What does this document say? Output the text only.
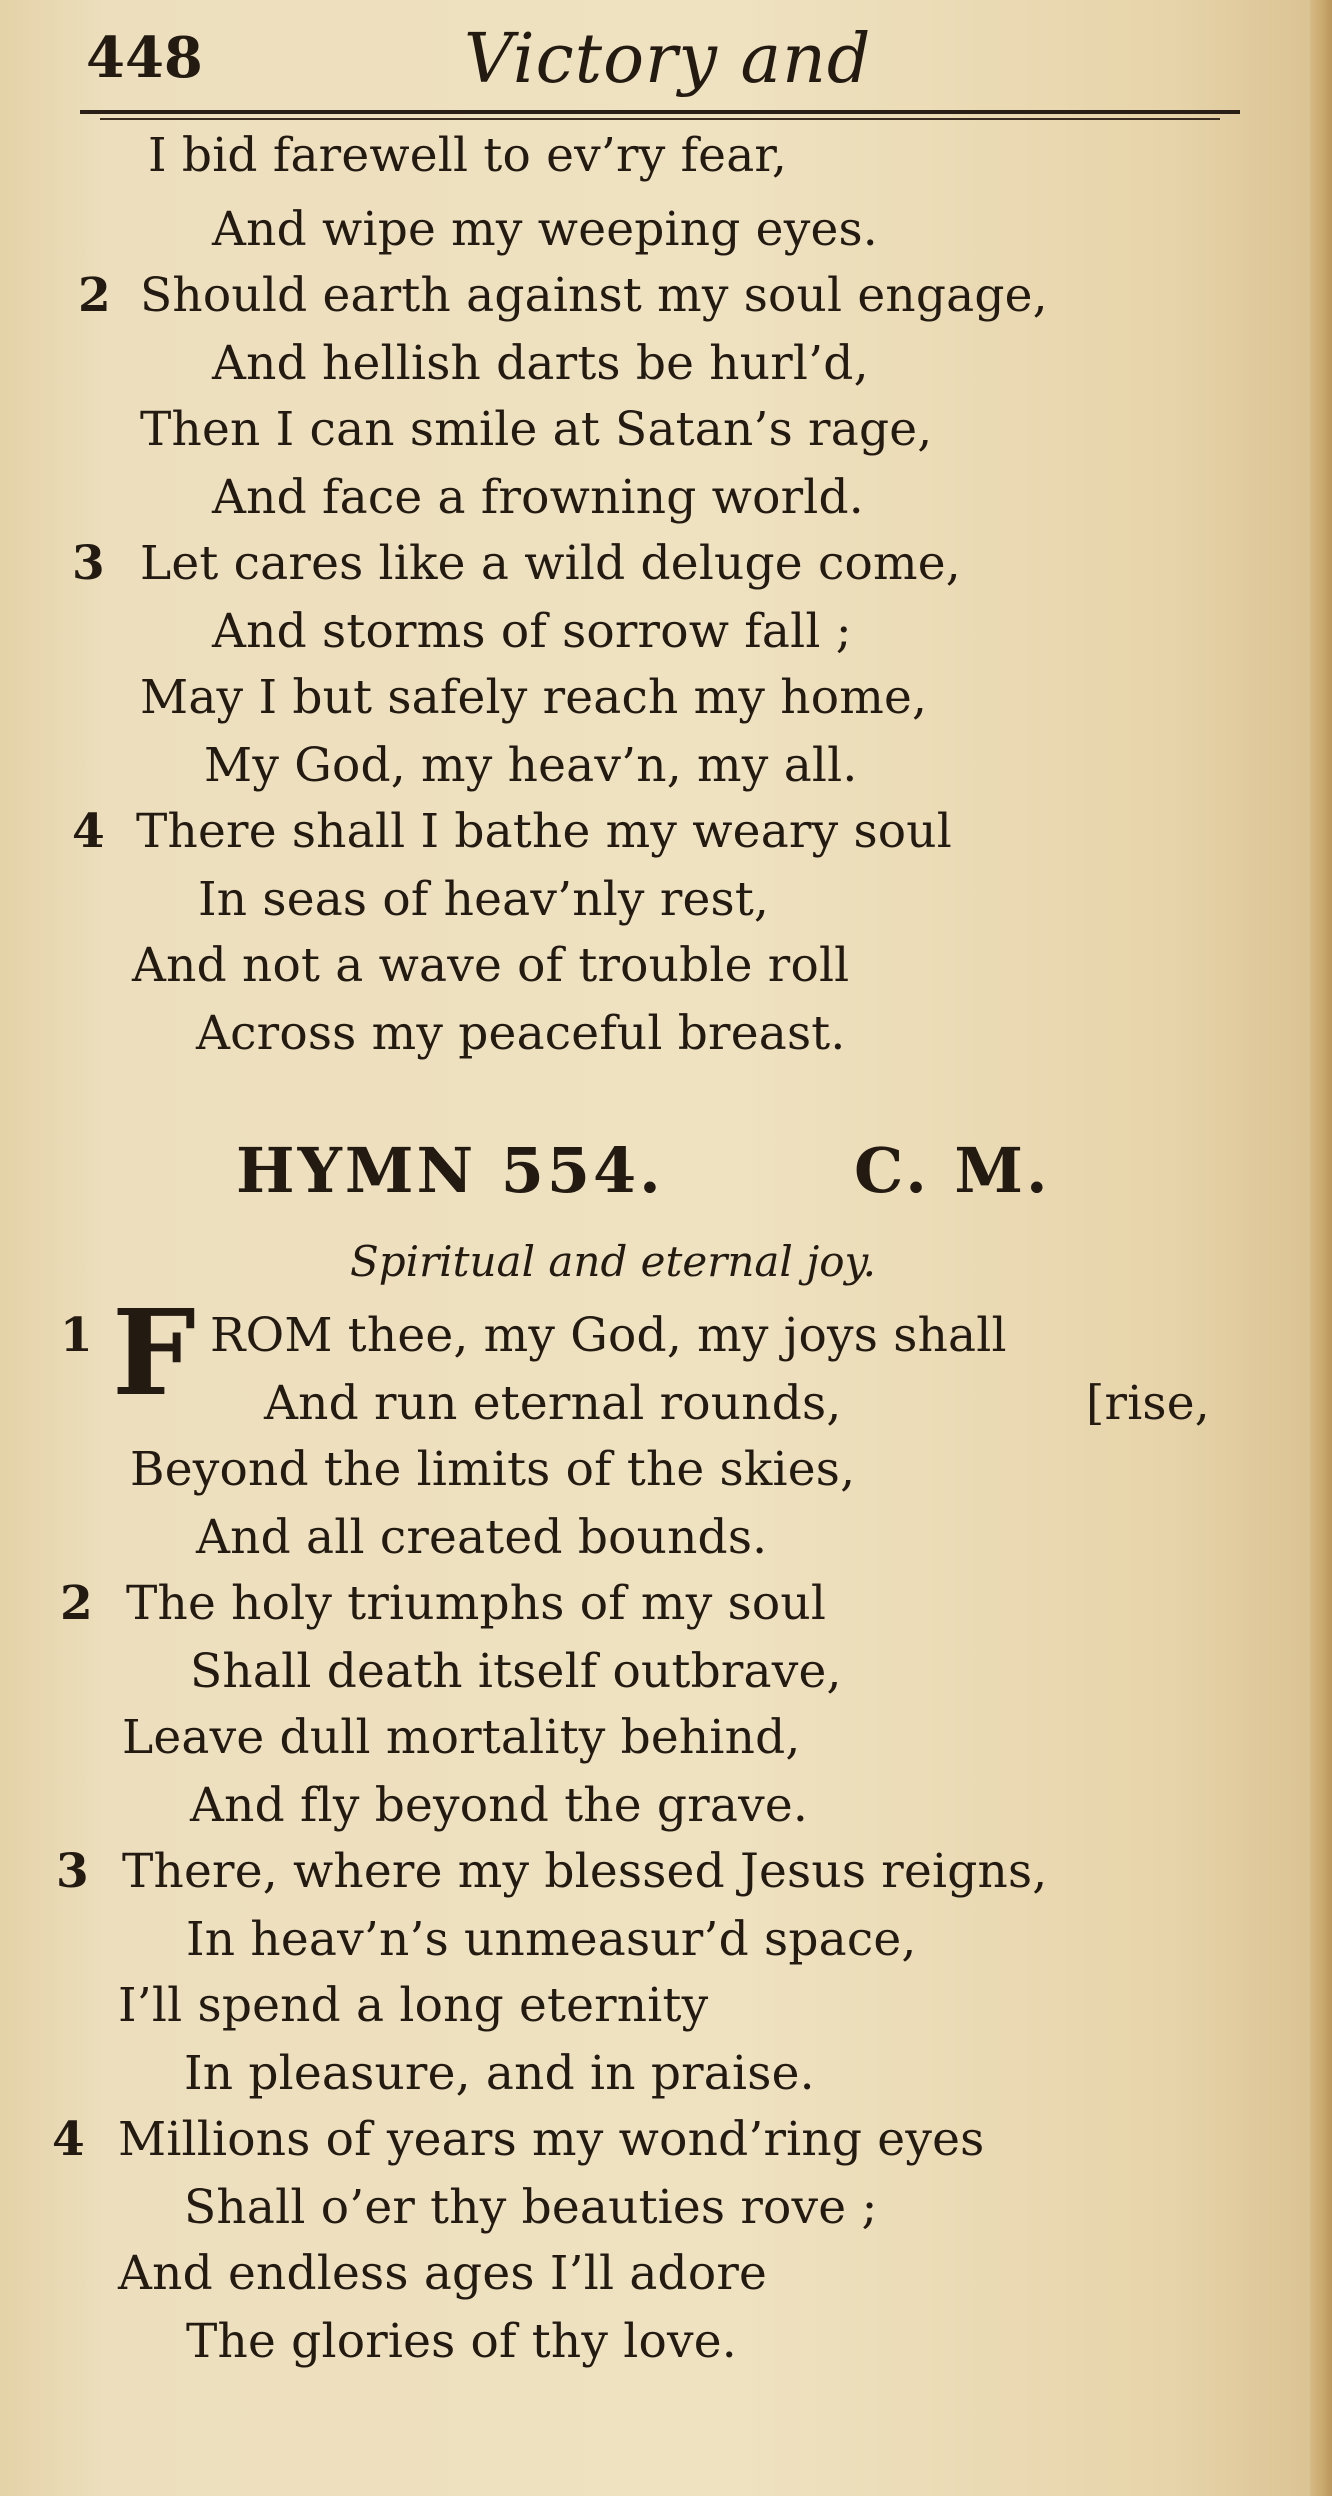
448	Victory and
I bid farewell to ev’ry fear,
And wipe my weeping eyes.
2 Should earth against my soul engage,
And hellish darts be hurl’d,
Then I can smile at Satan’s rage,
And face a frowning world.
3 Let cares like a wild deluge come,
And storms of sorrow fall ;
May I but safely reach my home,
My God, my heav’n, my all.
4 There shall I bathe my weary soul
In seas of heav’nly rest,
And not a wave of trouble roll
Across my peaceful breast.
HYMN 554.	C. M.
Spiritual and eternal joy.
1 F ROM thee, my God, my joys shall
And run eternal rounds,	[rise,
Beyond the limits of the skies,
And all created bounds.
2 The holy triumphs of my soul
Shall death itself outbrave,
Leave dull mortality behind,
And fly beyond the grave.
3 There, where my blessed Jesus reigns,
In heav’n’s unmeasur’d space,
I’ll spend a long eternity
In pleasure, and in praise.
4 Millions of years my wond’ring eyes
Shall o’er thy beauties rove ;
And endless ages I’ll adore
The glories of thy love.
